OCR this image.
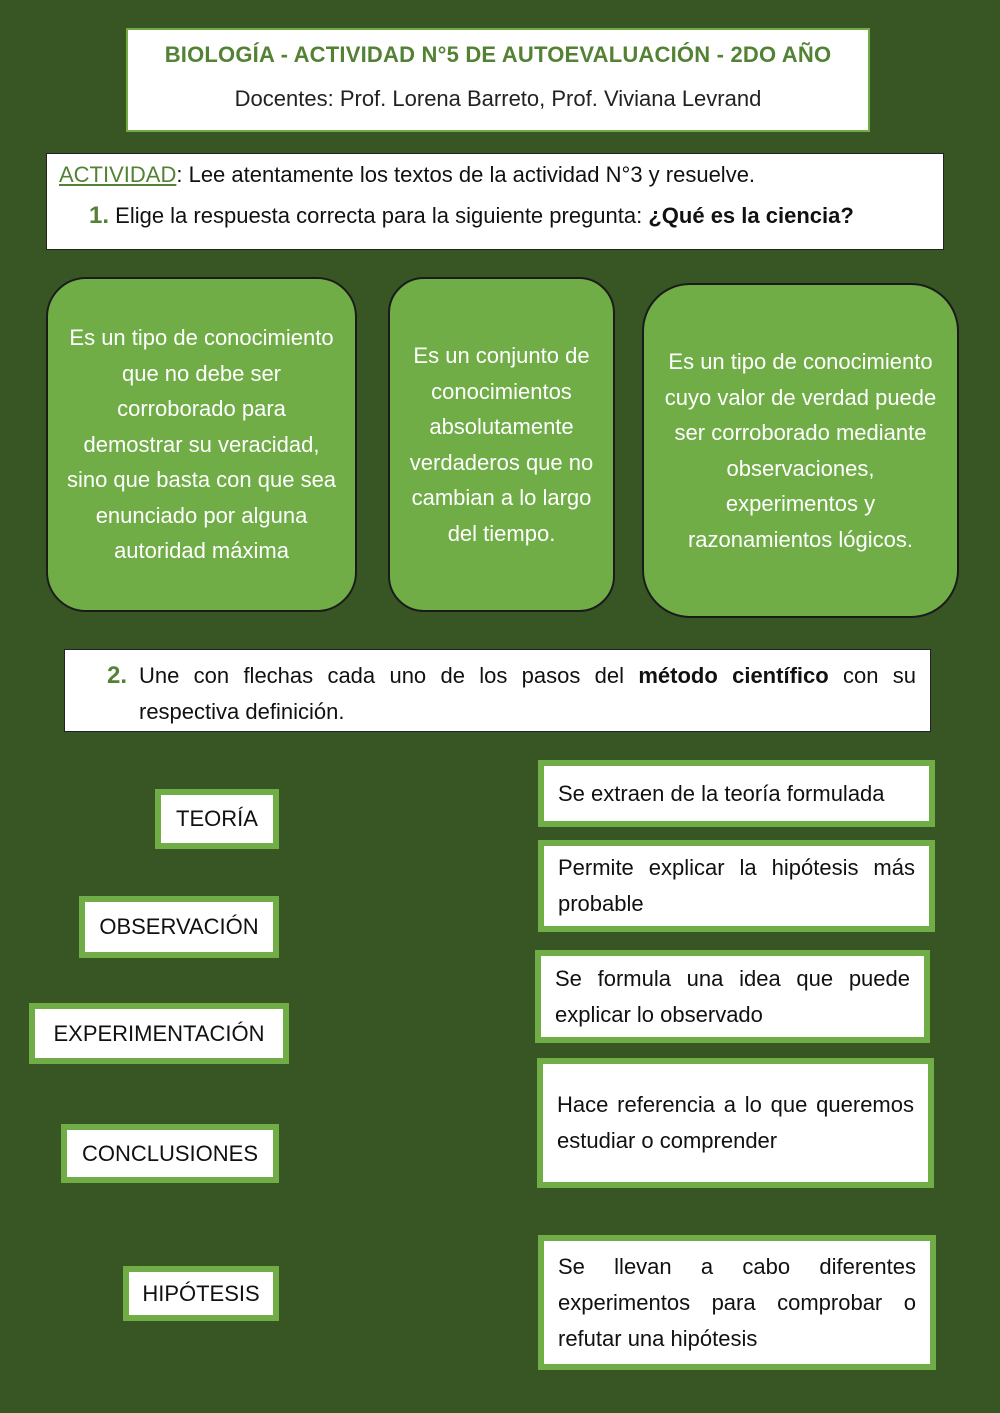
BIOLOGÍA - ACTIVIDAD N°5 DE AUTOEVALUACIÓN - 2DO AÑO
Docentes: Prof. Lorena Barreto, Prof. Viviana Levrand
ACTIVIDAD: Lee atentamente los textos de la actividad N°3 y resuelve.
1. Elige la respuesta correcta para la siguiente pregunta: ¿Qué es la ciencia?
Es un tipo de conocimiento que no debe ser corroborado para demostrar su veracidad, sino que basta con que sea enunciado por alguna autoridad máxima
Es un conjunto de conocimientos absolutamente verdaderos que no cambian a lo largo del tiempo.
Es un tipo de conocimiento cuyo valor de verdad puede ser corroborado mediante observaciones, experimentos y razonamientos lógicos.
2. Une con flechas cada uno de los pasos del método científico con su respectiva definición.
TEORÍA
OBSERVACIÓN
EXPERIMENTACIÓN
CONCLUSIONES
HIPÓTESIS
Se extraen de la teoría formulada
Permite explicar la hipótesis más probable
Se formula una idea que puede explicar lo observado
Hace referencia a lo que queremos estudiar o comprender
Se llevan a cabo diferentes experimentos para comprobar o refutar una hipótesis
